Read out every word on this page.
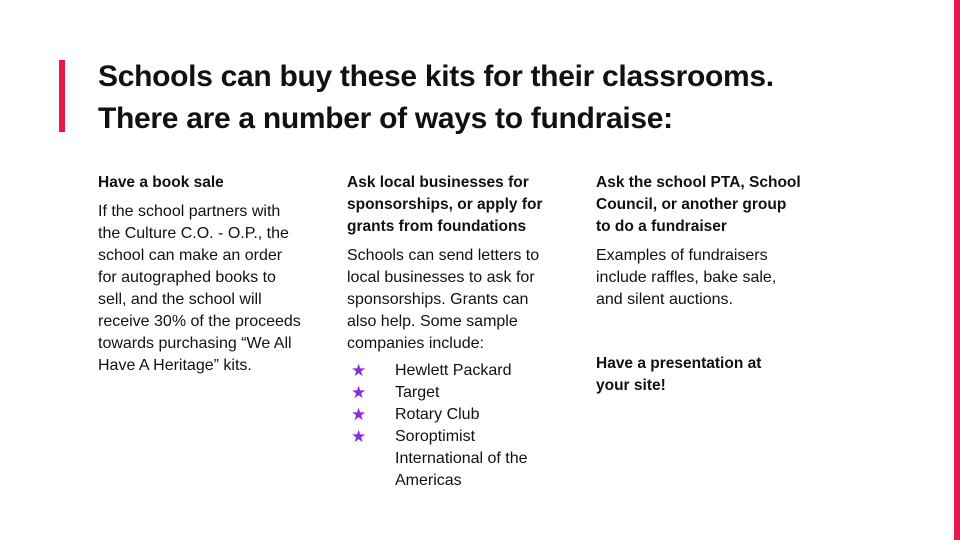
Schools can buy these kits for their classrooms.
There are a number of ways to fundraise:
Have a book sale
If the school partners with
the Culture C.O. - O.P., the
school can make an order
for autographed books to
sell, and the school will
receive 30% of the proceeds
towards purchasing “We All
Have A Heritage” kits.
Ask local businesses for
sponsorships, or apply for
grants from foundations
Schools can send letters to
local businesses to ask for
sponsorships. Grants can
also help. Some sample
companies include:
★ Hewlett Packard
★ Target
★ Rotary Club
★ Soroptimist
International of the
Americas
Ask the school PTA, School
Council, or another group
to do a fundraiser
Examples of fundraisers
include raffles, bake sale,
and silent auctions.
Have a presentation at
your site!
